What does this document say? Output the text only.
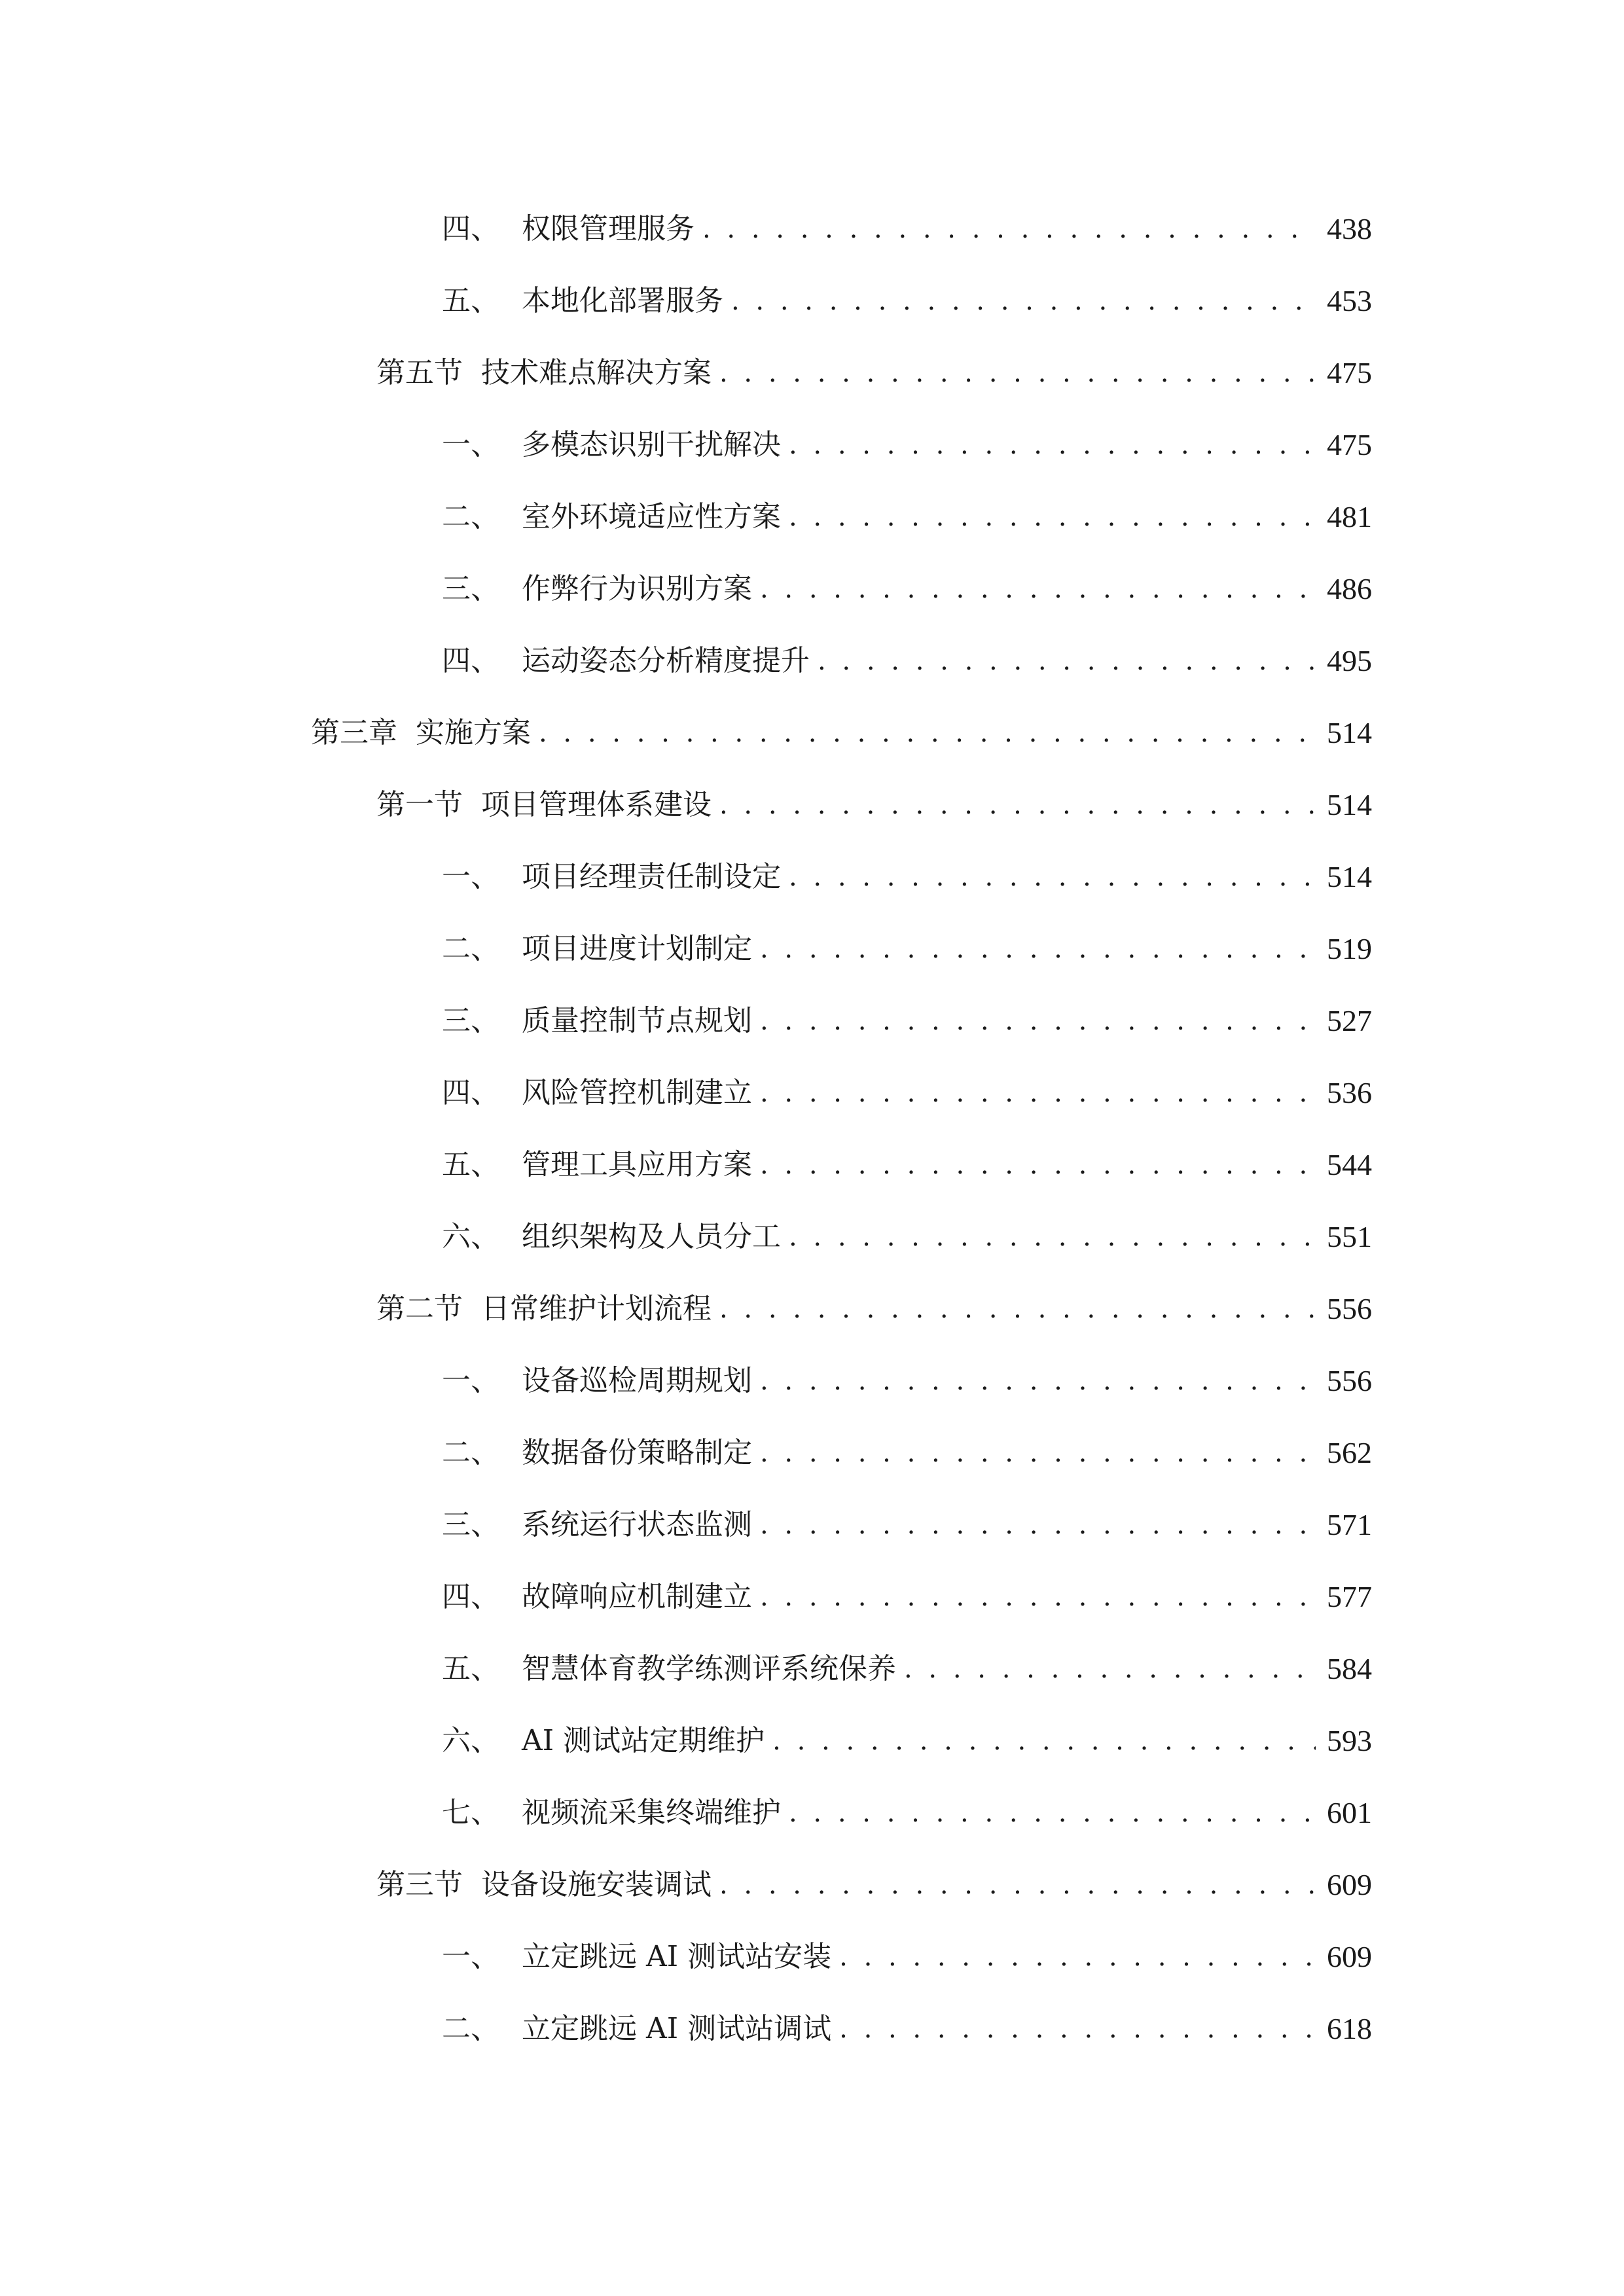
四、 权限管理服务 . . .	438
五、 本地化部署服务 . . .	453
第五节 技术难点解决方案 . . .	475
一、 多模态识别干扰解决 . . .	475
二、 室外环境适应性方案 . . .	481
三、 作弊行为识别方案 . . .	486
四、 运动姿态分析精度提升 . . .	495
第三章 实施方案 . . .	514
第一节 项目管理体系建设 . . .	514
一、 项目经理责任制设定 . . .	514
二、 项目进度计划制定 . . .	519
三、 质量控制节点规划 . . .	527
四、 风险管控机制建立 . . .	536
五、 管理工具应用方案 . . .	544
六、 组织架构及人员分工 . . .	551
第二节 日常维护计划流程 . . .	556
一、 设备巡检周期规划 . . .	556
二、 数据备份策略制定 . . .	562
三、 系统运行状态监测 . . .	571
四、 故障响应机制建立 . . .	577
五、 智慧体育教学练测评系统保养 . . .	584
六、 AI 测试站定期维护 . . .	593
七、 视频流采集终端维护 . . .	601
第三节 设备设施安装调试 . . .	609
一、 立定跳远 AI 测试站安装 . . .	609
二、 立定跳远 AI 测试站调试 . . .	618
